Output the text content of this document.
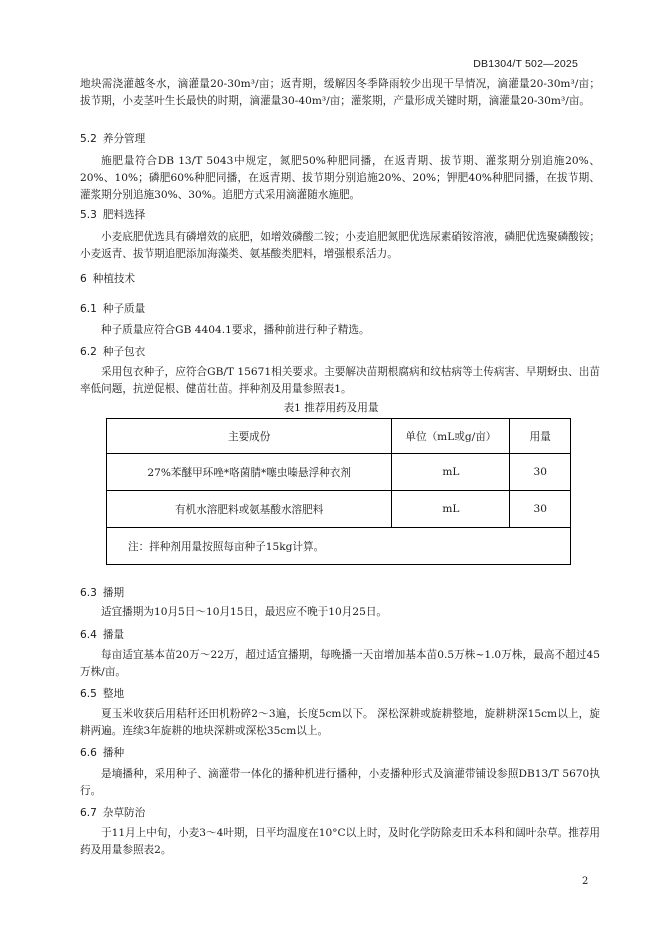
DB1304/T 502—2025
地块需浇灌越冬水，滴灌量20-30m³/亩；返青期，缓解因冬季降雨较少出现干旱情况，滴灌量20-30m³/亩；拔节期，小麦茎叶生长最快的时期，滴灌量30-40m³/亩；灌浆期，产量形成关键时期，滴灌量20-30m³/亩。
5.2 养分管理
施肥量符合DB 13/T 5043中规定，氮肥50%种肥同播，在返青期、拔节期、灌浆期分别追施20%、20%、10%；磷肥60%种肥同播，在返青期、拔节期分别追施20%、20%；钾肥40%种肥同播，在拔节期、灌浆期分别追施30%、30%。追肥方式采用滴灌随水施肥。
5.3 肥料选择
小麦底肥优选具有磷增效的底肥，如增效磷酸二铵；小麦追肥氮肥优选尿素硝铵溶液，磷肥优选聚磷酸铵；小麦返青、拔节期追肥添加海藻类、氨基酸类肥料，增强根系活力。
6 种植技术
6.1 种子质量
种子质量应符合GB 4404.1要求，播种前进行种子精选。
6.2 种子包衣
采用包衣种子，应符合GB/T 15671相关要求。主要解决苗期根腐病和纹枯病等土传病害、早期蚜虫、出苗率低问题，抗逆促根、健苗壮苗。拌种剂及用量参照表1。
表1 推荐用药及用量
主要成份	单位（mL或g/亩）	用量
27%苯醚甲环唑*咯菌腈*噻虫嗪悬浮种衣剂	mL	30
有机水溶肥料或氨基酸水溶肥料	mL	30
注：拌种剂用量按照每亩种子15kg计算。		
6.3 播期
适宜播期为10月5日～10月15日，最迟应不晚于10月25日。
6.4 播量
每亩适宜基本苗20万～22万，超过适宜播期，每晚播一天亩增加基本苗0.5万株~1.0万株，最高不超过45万株/亩。
6.5 整地
夏玉米收获后用秸秆还田机粉碎2～3遍，长度5cm以下。 深松深耕或旋耕整地，旋耕耕深15cm以上，旋耕两遍。连续3年旋耕的地块深耕或深松35cm以上。
6.6 播种
是墒播种，采用种子、滴灌带一体化的播种机进行播种，小麦播种形式及滴灌带铺设参照DB13/T 5670执行。
6.7 杂草防治
于11月上中旬，小麦3～4叶期，日平均温度在10°C以上时，及时化学防除麦田禾本科和阔叶杂草。推荐用药及用量参照表2。
2
